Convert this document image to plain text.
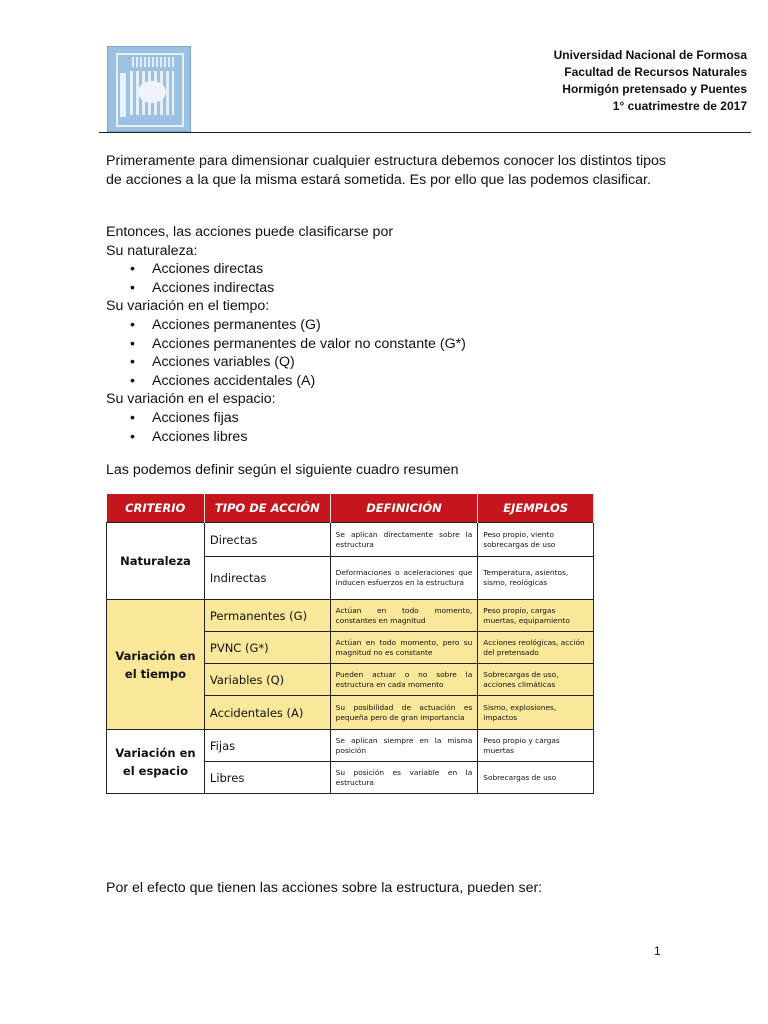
Universidad Nacional de Formosa
Facultad de Recursos Naturales
Hormigón pretensado y Puentes
1° cuatrimestre de 2017
Primeramente para dimensionar cualquier estructura debemos conocer los distintos tipos de acciones a la que la misma estará sometida. Es por ello que las podemos clasificar.
Entonces, las acciones puede clasificarse por
Su naturaleza:
• Acciones directas
• Acciones indirectas
Su variación en el tiempo:
• Acciones permanentes (G)
• Acciones permanentes de valor no constante (G*)
• Acciones variables (Q)
• Acciones accidentales (A)
Su variación en el espacio:
• Acciones fijas
• Acciones libres
Las podemos definir según el siguiente cuadro resumen
CRITERIO	TIPO DE ACCIÓN	DEFINICIÓN	EJEMPLOS
Naturaleza	Directas	Se aplican directamente sobre la estructura	Peso propio, viento sobrecargas de uso
	Indirectas	Deformaciones o aceleraciones que inducen esfuerzos en la estructura	Temperatura, asientos, sismo, reológicas
Variación en el tiempo	Permanentes (G)	Actúan en todo momento, constantes en magnitud	Peso propio, cargas muertas, equipamiento
	PVNC (G*)	Actúan en todo momento, pero su magnitud no es constante	Acciones reológicas, acción del pretensado
	Variables (Q)	Pueden actuar o no sobre la estructura en cada momento	Sobrecargas de uso, acciones climáticas
	Accidentales (A)	Su posibilidad de actuación es pequeña pero de gran importancia	Sismo, explosiones, impactos
Variación en el espacio	Fijas	Se aplican siempre en la misma posición	Peso propio y cargas muertas
	Libres	Su posición es variable en la estructura	Sobrecargas de uso
Por el efecto que tienen las acciones sobre la estructura, pueden ser:
1
